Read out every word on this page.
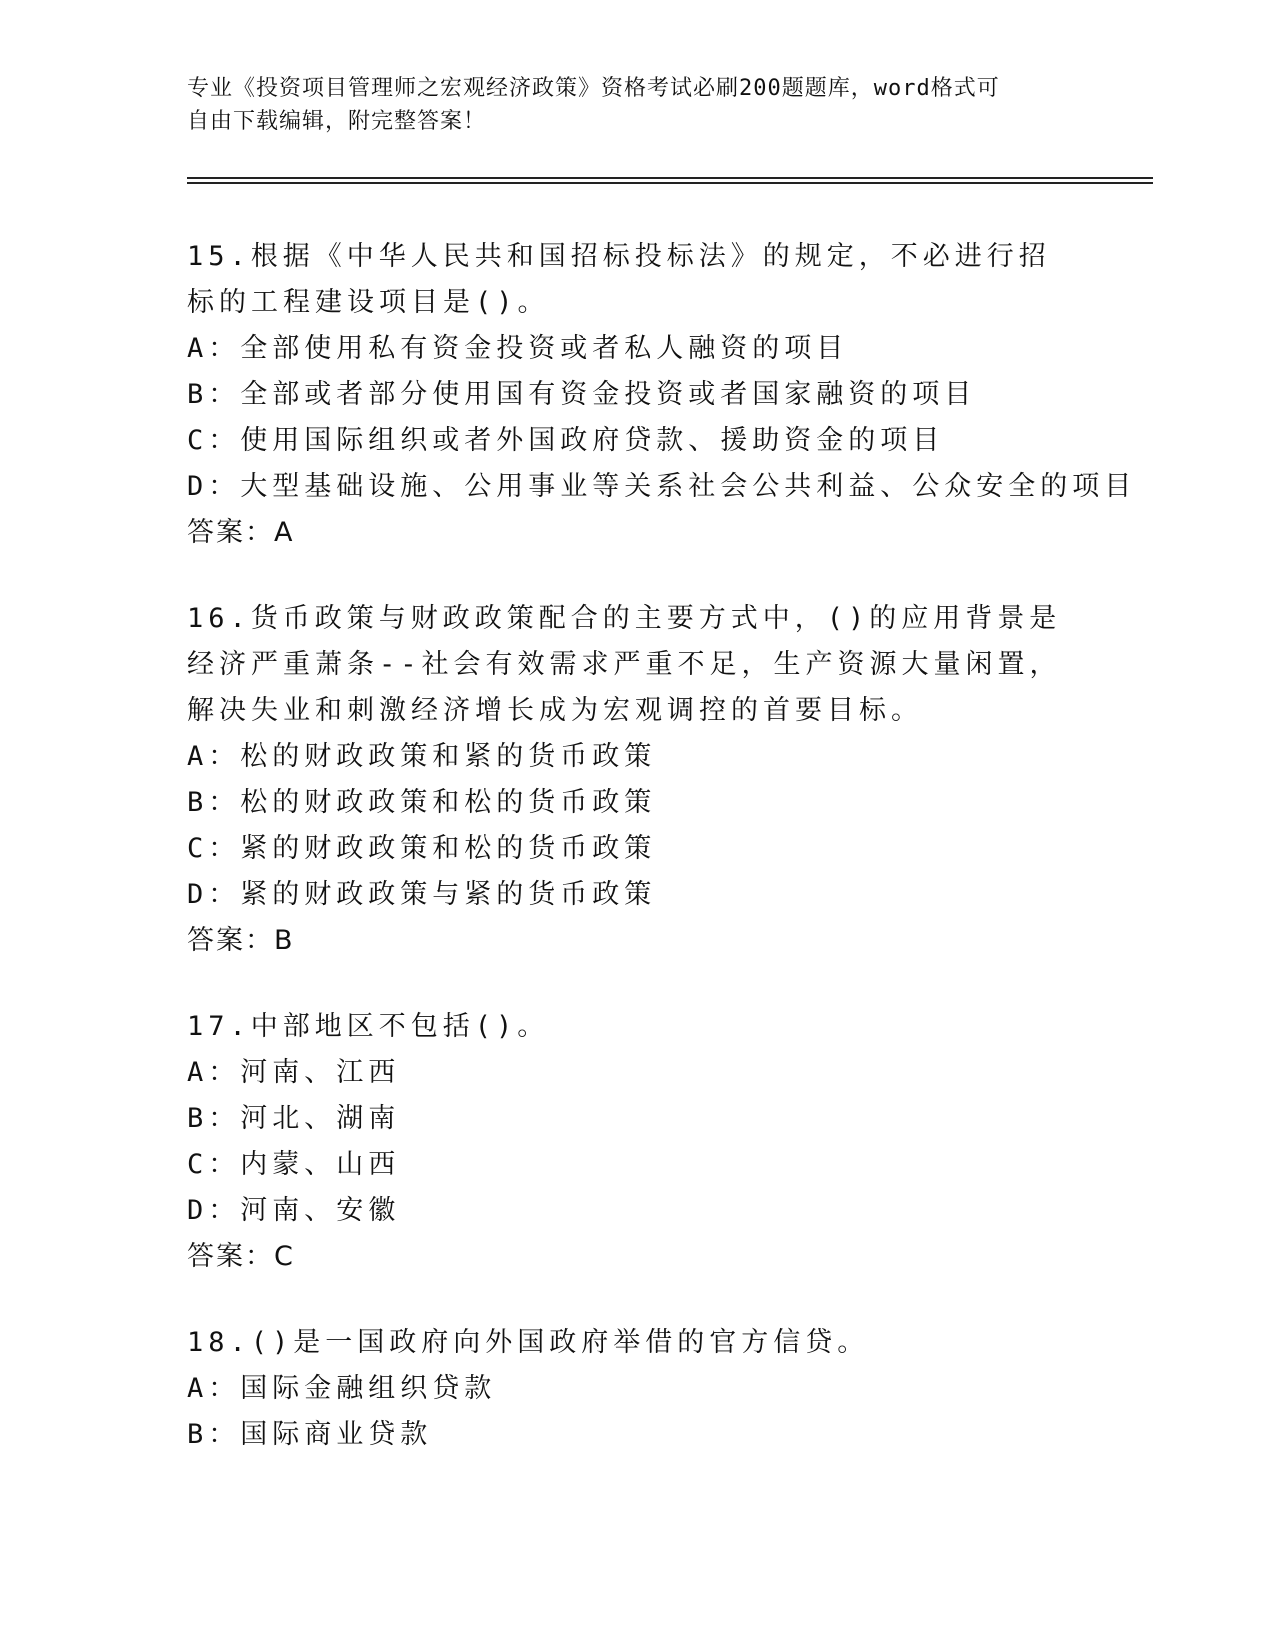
专业《投资项目管理师之宏观经济政策》资格考试必刷200题题库，word格式可
自由下载编辑，附完整答案！
15.根据《中华人民共和国招标投标法》的规定，不必进行招标的工程建设项目是()。
A：全部使用私有资金投资或者私人融资的项目
B：全部或者部分使用国有资金投资或者国家融资的项目
C：使用国际组织或者外国政府贷款、援助资金的项目
D：大型基础设施、公用事业等关系社会公共利益、公众安全的项目
答案：A
16.货币政策与财政政策配合的主要方式中，()的应用背景是经济严重萧条--社会有效需求严重不足，生产资源大量闲置，解决失业和刺激经济增长成为宏观调控的首要目标。
A：松的财政政策和紧的货币政策
B：松的财政政策和松的货币政策
C：紧的财政政策和松的货币政策
D：紧的财政政策与紧的货币政策
答案：B
17.中部地区不包括()。
A：河南、江西
B：河北、湖南
C：内蒙、山西
D：河南、安徽
答案：C
18.()是一国政府向外国政府举借的官方信贷。
A：国际金融组织贷款
B：国际商业贷款
